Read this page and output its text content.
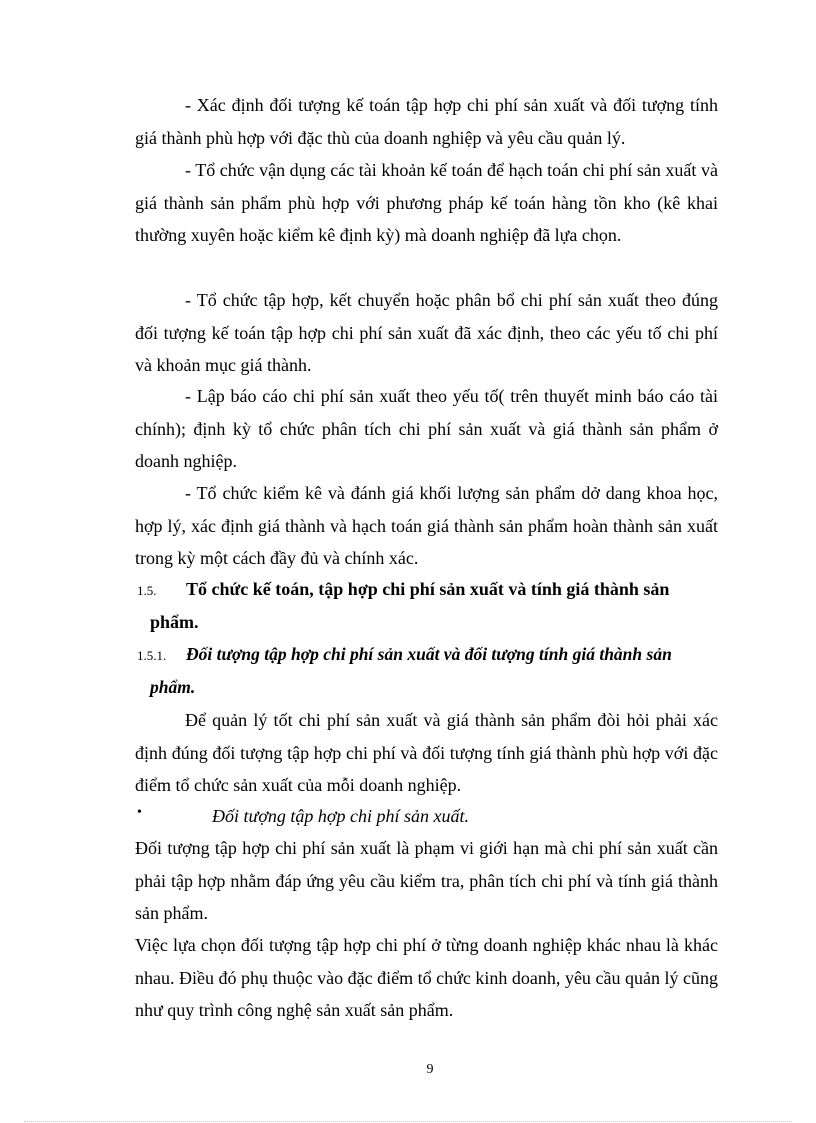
- Xác định đối tượng kế toán tập hợp chi phí sản xuất và đối tượng tính giá thành phù hợp với đặc thù của doanh nghiệp và yêu cầu quản lý.
- Tổ chức vận dụng các tài khoản kế toán để hạch toán chi phí sản xuất và giá thành sản phẩm phù hợp với phương pháp kế toán hàng tồn kho (kê khai thường xuyên hoặc kiểm kê định kỳ) mà doanh nghiệp đã lựa chọn.
- Tổ chức tập hợp, kết chuyển hoặc phân bổ chi phí sản xuất theo đúng đối tượng kế toán tập hợp chi phí sản xuất đã xác định, theo các yếu tố chi phí và khoản mục giá thành.
- Lập báo cáo chi phí sản xuất theo yếu tố( trên thuyết minh báo cáo tài chính); định kỳ tổ chức phân tích chi phí sản xuất và giá thành sản phẩm ở doanh nghiệp.
- Tổ chức kiểm kê và đánh giá khối lượng sản phẩm dở dang khoa học, hợp lý, xác định giá thành và hạch toán giá thành sản phẩm hoàn thành sản xuất trong kỳ một cách đầy đủ và chính xác.
1.5.	Tổ chức kế toán, tập hợp chi phí sản xuất và tính giá thành sản phẩm.
1.5.1.	Đối tượng tập hợp chi phí sản xuất và đối tượng tính giá thành sản phẩm.
Để quản lý tốt chi phí sản xuất và giá thành sản phẩm đòi hỏi phải xác định đúng đối tượng tập hợp chi phí và đối tượng tính giá thành phù hợp với đặc điểm tổ chức sản xuất của mỗi doanh nghiệp.
•	Đối tượng tập hợp chi phí sản xuất.
Đối tượng tập hợp chi phí sản xuất là phạm vi giới hạn mà chi phí sản xuất cần phải tập hợp nhằm đáp ứng yêu cầu kiểm tra, phân tích chi phí và tính giá thành sản phẩm.
Việc lựa chọn đối tượng tập hợp chi phí ở từng doanh nghiệp khác nhau là khác nhau. Điều đó phụ thuộc vào đặc điểm tổ chức kinh doanh, yêu cầu quản lý cũng như quy trình công nghệ sản xuất sản phẩm.
9
